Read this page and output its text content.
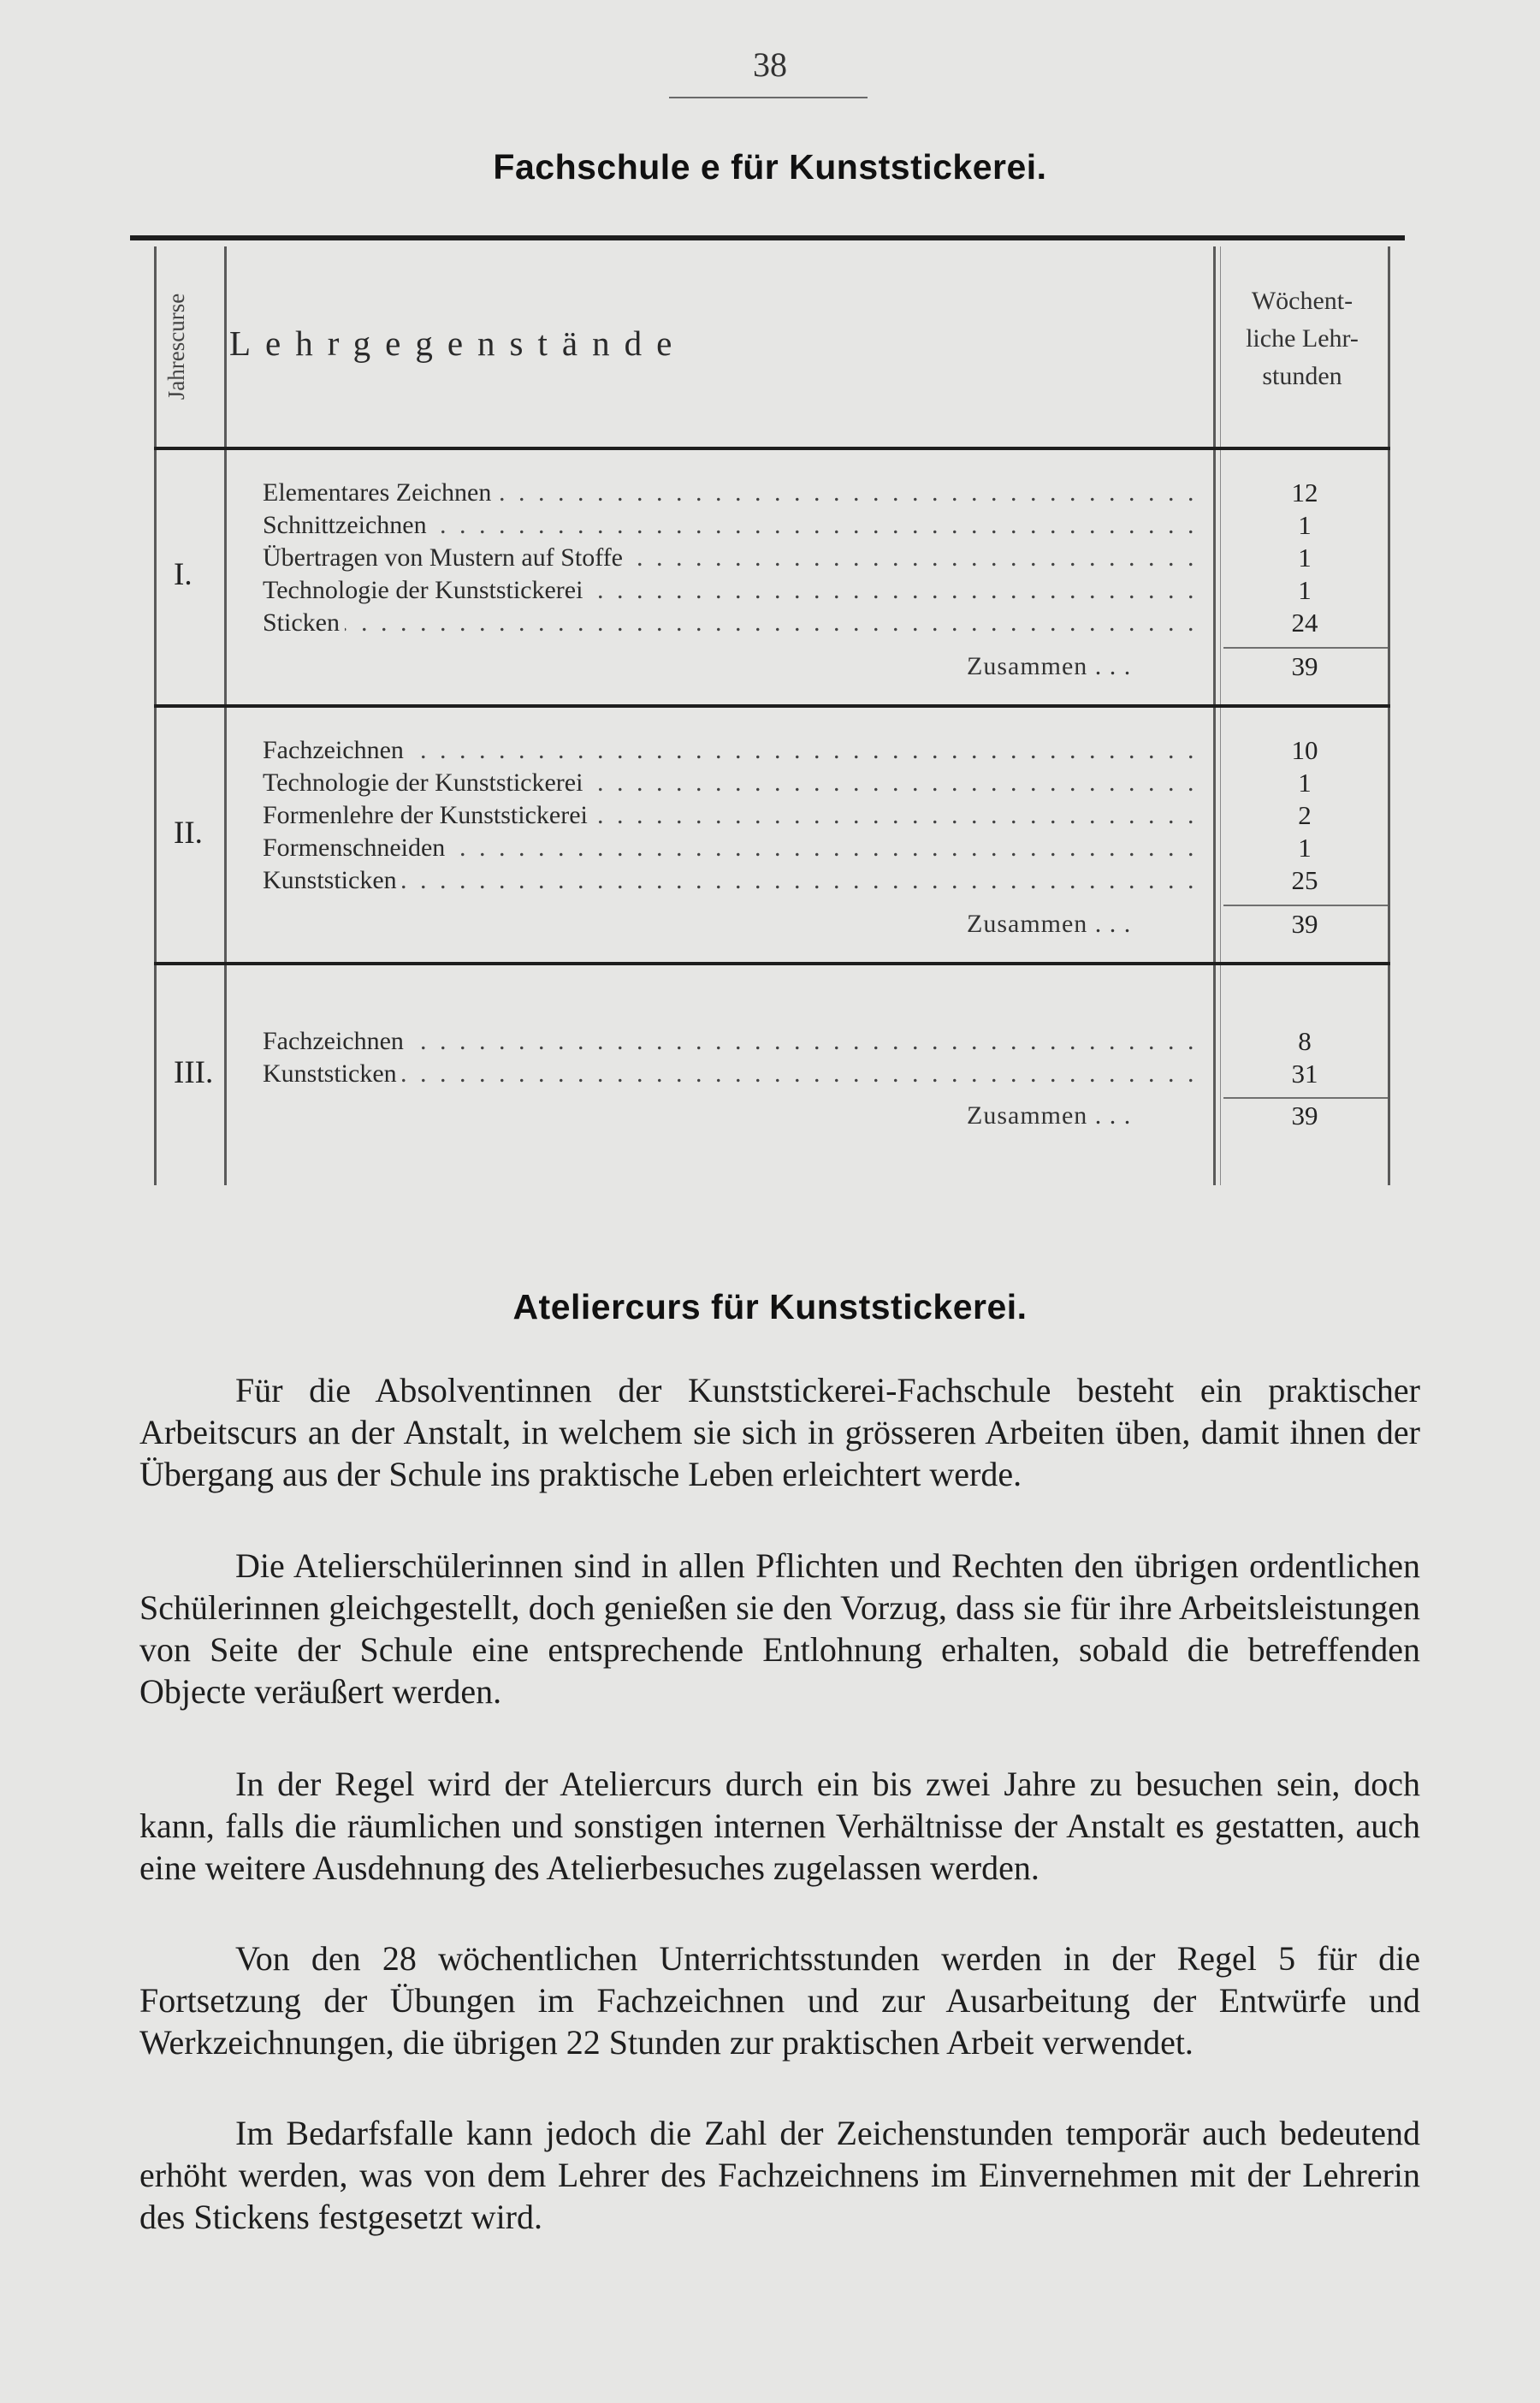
38
Fachschule e für Kunststickerei.
Jahrescurse Lehrgegenstände
Wöchent-
liche Lehr-
stunden
I.
Elementares Zeichnen . . .	12
Schnittzeichnen . . .	1
Übertragen von Mustern auf Stoffe . . .	1
Technologie der Kunststickerei . . .	1
Sticken . . .	24
Zusammen . . .	39
II.
Fachzeichnen . . .	10
Technologie der Kunststickerei . . .	1
Formenlehre der Kunststickerei . . .	2
Formenschneiden . . .	1
Kunststicken . . .	25
Zusammen . . .	39
III.
Fachzeichnen . . .	8
Kunststicken . . .	31
Zusammen . . .	39
Ateliercurs für Kunststickerei.
Für die Absolventinnen der Kunststickerei-Fachschule besteht ein praktischer Arbeitscurs an der Anstalt, in welchem sie sich in grösseren Arbeiten üben, damit ihnen der Übergang aus der Schule ins praktische Leben erleichtert werde.
Die Atelierschülerinnen sind in allen Pflichten und Rechten den übrigen ordentlichen Schülerinnen gleichgestellt, doch genießen sie den Vorzug, dass sie für ihre Arbeitsleistungen von Seite der Schule eine entsprechende Entlohnung erhalten, sobald die betreffenden Objecte veräußert werden.
In der Regel wird der Ateliercurs durch ein bis zwei Jahre zu besuchen sein, doch kann, falls die räumlichen und sonstigen internen Verhältnisse der Anstalt es gestatten, auch eine weitere Ausdehnung des Atelierbesuches zugelassen werden.
Von den 28 wöchentlichen Unterrichtsstunden werden in der Regel 5 für die Fortsetzung der Übungen im Fachzeichnen und zur Ausarbeitung der Entwürfe und Werkzeichnungen, die übrigen 22 Stunden zur praktischen Arbeit verwendet.
Im Bedarfsfalle kann jedoch die Zahl der Zeichenstunden temporär auch bedeutend erhöht werden, was von dem Lehrer des Fachzeichnens im Einvernehmen mit der Lehrerin des Stickens festgesetzt wird.
